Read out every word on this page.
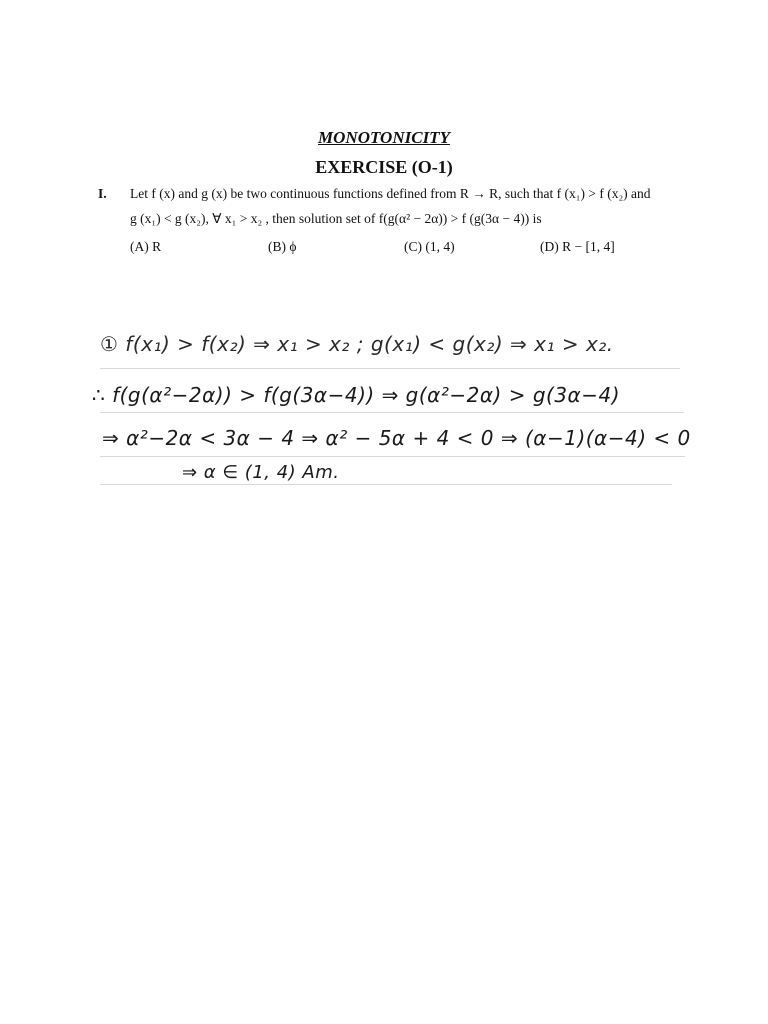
MONOTONICITY
EXERCISE (O-1)
I. Let f (x) and g (x) be two continuous functions defined from R → R, such that f (x₁) > f (x₂) and
g (x₁) < g (x₂), ∀ x₁ > x₂ , then solution set of f(g(α² − 2α)) > f (g(3α − 4)) is
(A) R	(B) ϕ	(C) (1, 4)	(D) R − [1, 4]
① f(x₁) > f(x₂) ⇒ x₁ > x₂ ; g(x₁) < g(x₂) ⇒ x₁ > x₂.
∴ f(g(α²−2α)) > f(g(3α−4)) ⇒ g(α²−2α) > g(3α−4)
⇒ α²−2α < 3α − 4 ⇒ α² − 5α + 4 < 0 ⇒ (α−1)(α−4) < 0
⇒ α ∈ (1, 4) Am.
